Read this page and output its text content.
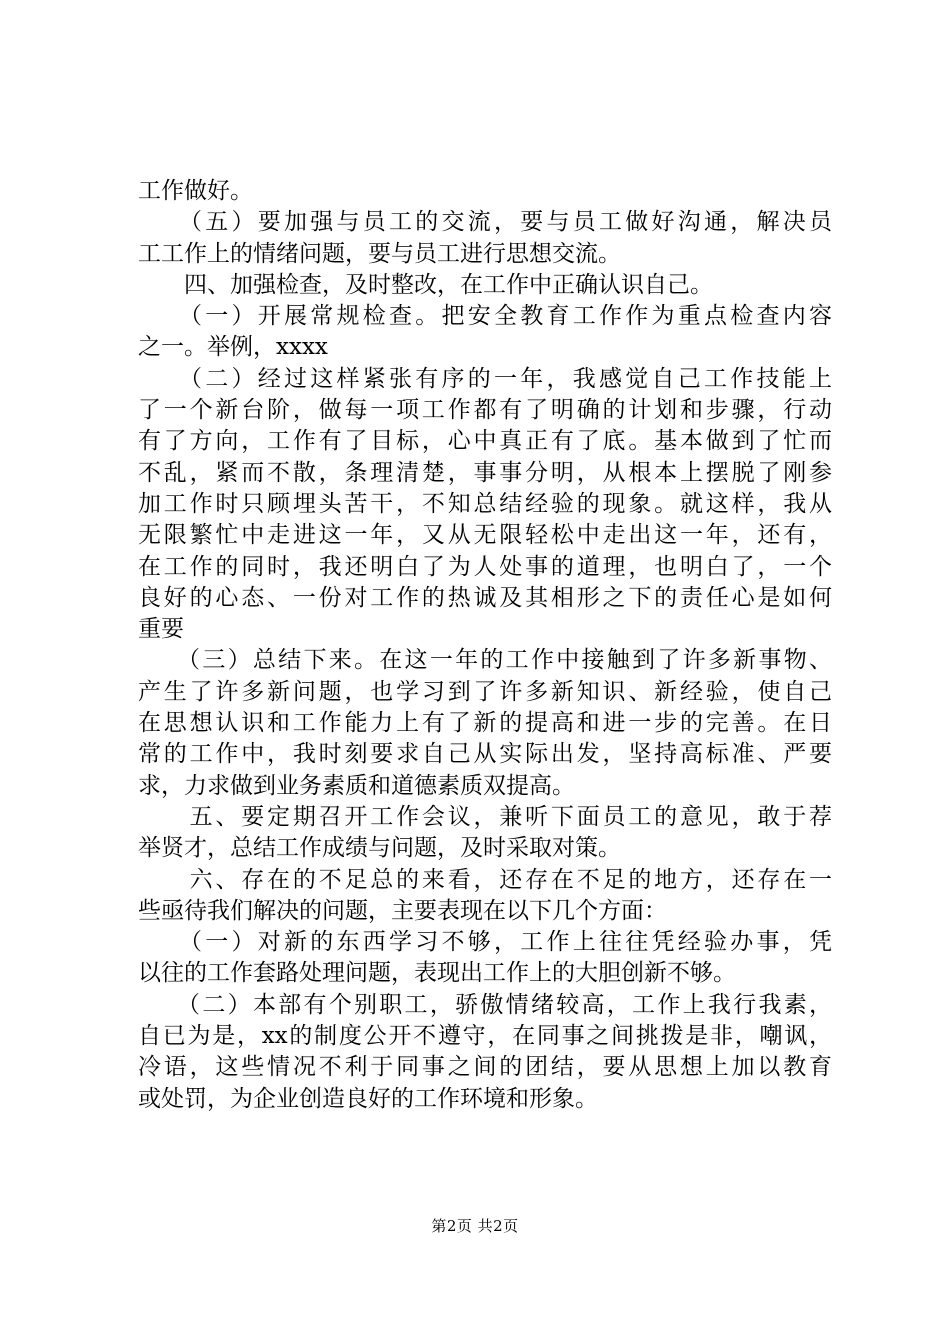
工作做好。
　　（五）要加强与员工的交流，要与员工做好沟通，解决员
工工作上的情绪问题，要与员工进行思想交流。
　　四、加强检查，及时整改，在工作中正确认识自己。
　　（一）开展常规检查。把安全教育工作作为重点检查内容
之一。举例，xxxx
　　（二）经过这样紧张有序的一年，我感觉自己工作技能上
了一个新台阶，做每一项工作都有了明确的计划和步骤，行动
有了方向，工作有了目标，心中真正有了底。基本做到了忙而
不乱，紧而不散，条理清楚，事事分明，从根本上摆脱了刚参
加工作时只顾埋头苦干，不知总结经验的现象。就这样，我从
无限繁忙中走进这一年，又从无限轻松中走出这一年，还有，
在工作的同时，我还明白了为人处事的道理，也明白了，一个
良好的心态、一份对工作的热诚及其相形之下的责任心是如何
重要
　　（三）总结下来。在这一年的工作中接触到了许多新事物、
产生了许多新问题，也学习到了许多新知识、新经验，使自己
在思想认识和工作能力上有了新的提高和进一步的完善。在日
常的工作中，我时刻要求自己从实际出发，坚持高标准、严要
求，力求做到业务素质和道德素质双提高。
　　五、要定期召开工作会议，兼听下面员工的意见，敢于荐
举贤才，总结工作成绩与问题，及时采取对策。
　　六、存在的不足总的来看，还存在不足的地方，还存在一
些亟待我们解决的问题，主要表现在以下几个方面：
　　（一）对新的东西学习不够，工作上往往凭经验办事，凭
以往的工作套路处理问题，表现出工作上的大胆创新不够。
　　（二）本部有个别职工，骄傲情绪较高，工作上我行我素，
自已为是，xx的制度公开不遵守，在同事之间挑拨是非，嘲讽，
冷语，这些情况不利于同事之间的团结，要从思想上加以教育
或处罚，为企业创造良好的工作环境和形象。
第2页 共2页
